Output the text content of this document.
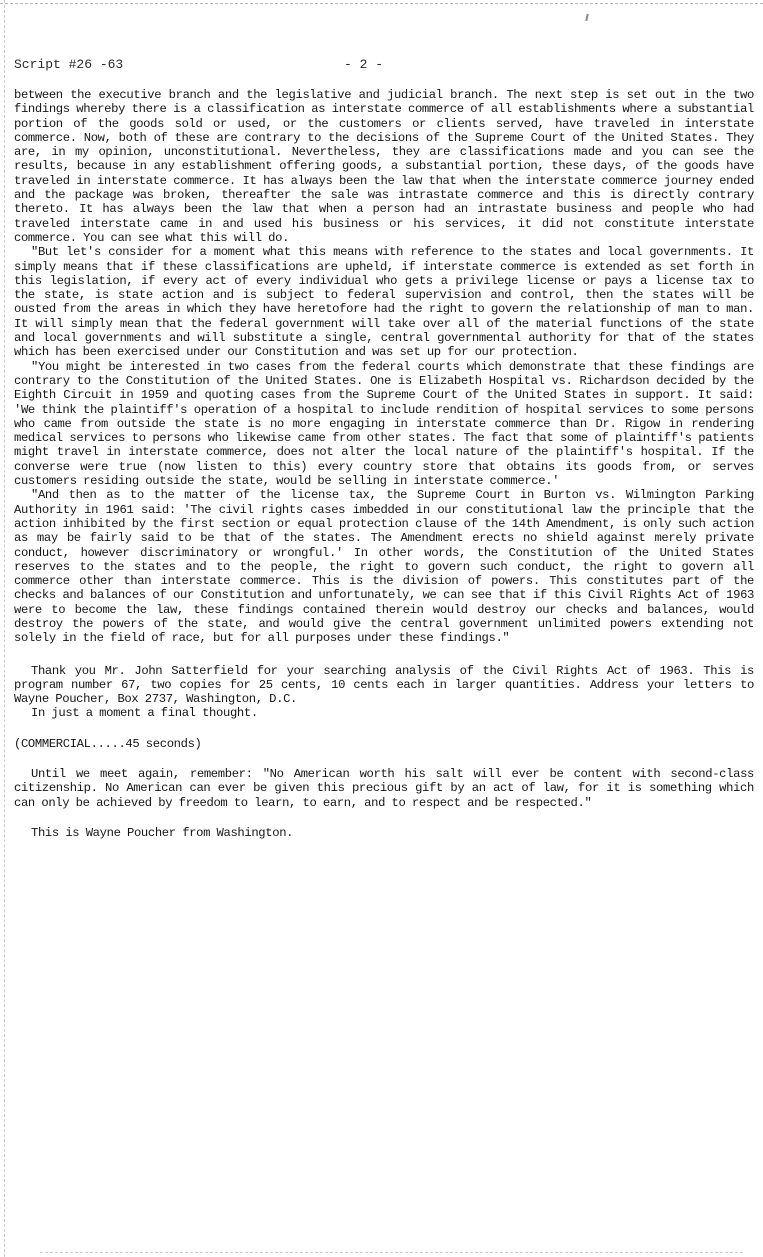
Script #26 -63	- 2 -

between the executive branch and the legislative and judicial branch. The next step is set out in the two findings whereby there is a classification as interstate commerce of all establishments where a substantial portion of the goods sold or used, or the customers or clients served, have traveled in interstate commerce. Now, both of these are contrary to the decisions of the Supreme Court of the United States. They are, in my opinion, unconstitutional. Nevertheless, they are classifications made and you can see the results, because in any establishment offering goods, a substantial portion, these days, of the goods have traveled in interstate commerce. It has always been the law that when the interstate commerce journey ended and the package was broken, thereafter the sale was intrastate commerce and this is directly contrary thereto. It has always been the law that when a person had an intrastate business and people who had traveled interstate came in and used his business or his services, it did not constitute interstate commerce. You can see what this will do.

"But let's consider for a moment what this means with reference to the states and local governments. It simply means that if these classifications are upheld, if interstate commerce is extended as set forth in this legislation, if every act of every individual who gets a privilege license or pays a license tax to the state, is state action and is subject to federal supervision and control, then the states will be ousted from the areas in which they have heretofore had the right to govern the relationship of man to man. It will simply mean that the federal government will take over all of the material functions of the state and local governments and will substitute a single, central governmental authority for that of the states which has been exercised under our Constitution and was set up for our protection.

"You might be interested in two cases from the federal courts which demonstrate that these findings are contrary to the Constitution of the United States. One is Elizabeth Hospital vs. Richardson decided by the Eighth Circuit in 1959 and quoting cases from the Supreme Court of the United States in support. It said: 'We think the plaintiff's operation of a hospital to include rendition of hospital services to some persons who came from outside the state is no more engaging in interstate commerce than Dr. Rigow in rendering medical services to persons who likewise came from other states. The fact that some of plaintiff's patients might travel in interstate commerce, does not alter the local nature of the plaintiff's hospital. If the converse were true (now listen to this) every country store that obtains its goods from, or serves customers residing outside the state, would be selling in interstate commerce.'

"And then as to the matter of the license tax, the Supreme Court in Burton vs. Wilmington Parking Authority in 1961 said: 'The civil rights cases imbedded in our constitutional law the principle that the action inhibited by the first section or equal protection clause of the 14th Amendment, is only such action as may be fairly said to be that of the states. The Amendment erects no shield against merely private conduct, however discriminatory or wrongful.' In other words, the Constitution of the United States reserves to the states and to the people, the right to govern such conduct, the right to govern all commerce other than interstate commerce. This is the division of powers. This constitutes part of the checks and balances of our Constitution and unfortunately, we can see that if this Civil Rights Act of 1963 were to become the law, these findings contained therein would destroy our checks and balances, would destroy the powers of the state, and would give the central government unlimited powers extending not solely in the field of race, but for all purposes under these findings."

Thank you Mr. John Satterfield for your searching analysis of the Civil Rights Act of 1963. This is program number 67, two copies for 25 cents, 10 cents each in larger quantities. Address your letters to Wayne Poucher, Box 2737, Washington, D.C.

In just a moment a final thought.

(COMMERCIAL.....45 seconds)

Until we meet again, remember: "No American worth his salt will ever be content with second-class citizenship. No American can ever be given this precious gift by an act of law, for it is something which can only be achieved by freedom to learn, to earn, and to respect and be respected."

This is Wayne Poucher from Washington.
